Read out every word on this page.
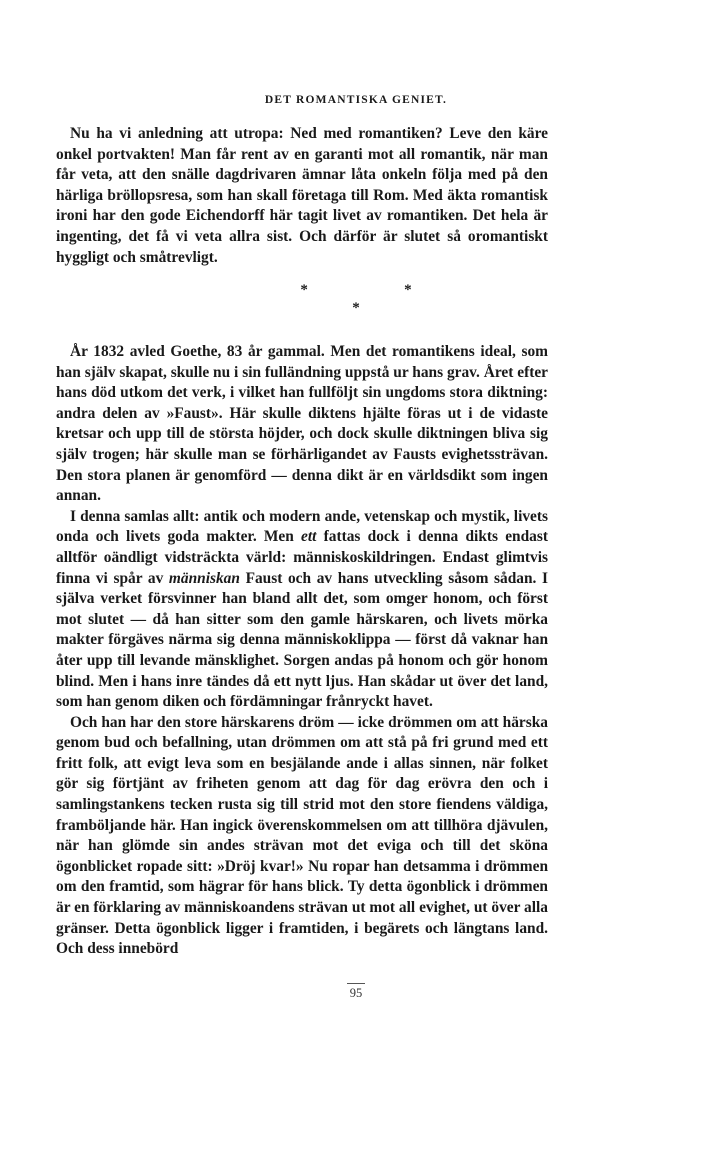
DET ROMANTISKA GENIET.

Nu ha vi anledning att utropa: Ned med romantiken? Leve den käre onkel portvakten! Man får rent av en garanti mot all romantik, när man får veta, att den snälle dagdrivaren ämnar låta onkeln följa med på den härliga bröllopsresa, som han skall företaga till Rom. Med äkta romantisk ironi har den gode Eichendorff här tagit livet av romantiken. Det hela är ingenting, det få vi veta allra sist. Och därför är slutet så oromantiskt hyggligt och småtrevligt.

*	*
*

År 1832 avled Goethe, 83 år gammal. Men det romantikens ideal, som han själv skapat, skulle nu i sin fulländning uppstå ur hans grav. Året efter hans död utkom det verk, i vilket han fullföljt sin ungdoms stora diktning: andra delen av »Faust». Här skulle diktens hjälte föras ut i de vidaste kretsar och upp till de största höjder, och dock skulle diktningen bliva sig själv trogen; här skulle man se förhärligandet av Fausts evighetssträvan. Den stora planen är genomförd — denna dikt är en världsdikt som ingen annan.

I denna samlas allt: antik och modern ande, vetenskap och mystik, livets onda och livets goda makter. Men ett fattas dock i denna dikts endast alltför oändligt vidsträckta värld: människoskildringen. Endast glimtvis finna vi spår av människan Faust och av hans utveckling såsom sådan. I själva verket försvinner han bland allt det, som omger honom, och först mot slutet — då han sitter som den gamle härskaren, och livets mörka makter förgäves närma sig denna människoklippa — först då vaknar han åter upp till levande mänsklighet. Sorgen andas på honom och gör honom blind. Men i hans inre tändes då ett nytt ljus. Han skådar ut över det land, som han genom diken och fördämningar frånryckt havet.

Och han har den store härskarens dröm — icke drömmen om att härska genom bud och befallning, utan drömmen om att stå på fri grund med ett fritt folk, att evigt leva som en besjälande ande i allas sinnen, när folket gör sig förtjänt av friheten genom att dag för dag erövra den och i samlingstankens tecken rusta sig till strid mot den store fiendens väldiga, framböljande här. Han ingick överenskommelsen om att tillhöra djävulen, när han glömde sin andes strävan mot det eviga och till det sköna ögonblicket ropade sitt: »Dröj kvar!» Nu ropar han detsamma i drömmen om den framtid, som hägrar för hans blick. Ty detta ögonblick i drömmen är en förklaring av människoandens strävan ut mot all evighet, ut över alla gränser. Detta ögonblick ligger i framtiden, i begärets och längtans land. Och dess innebörd

95
